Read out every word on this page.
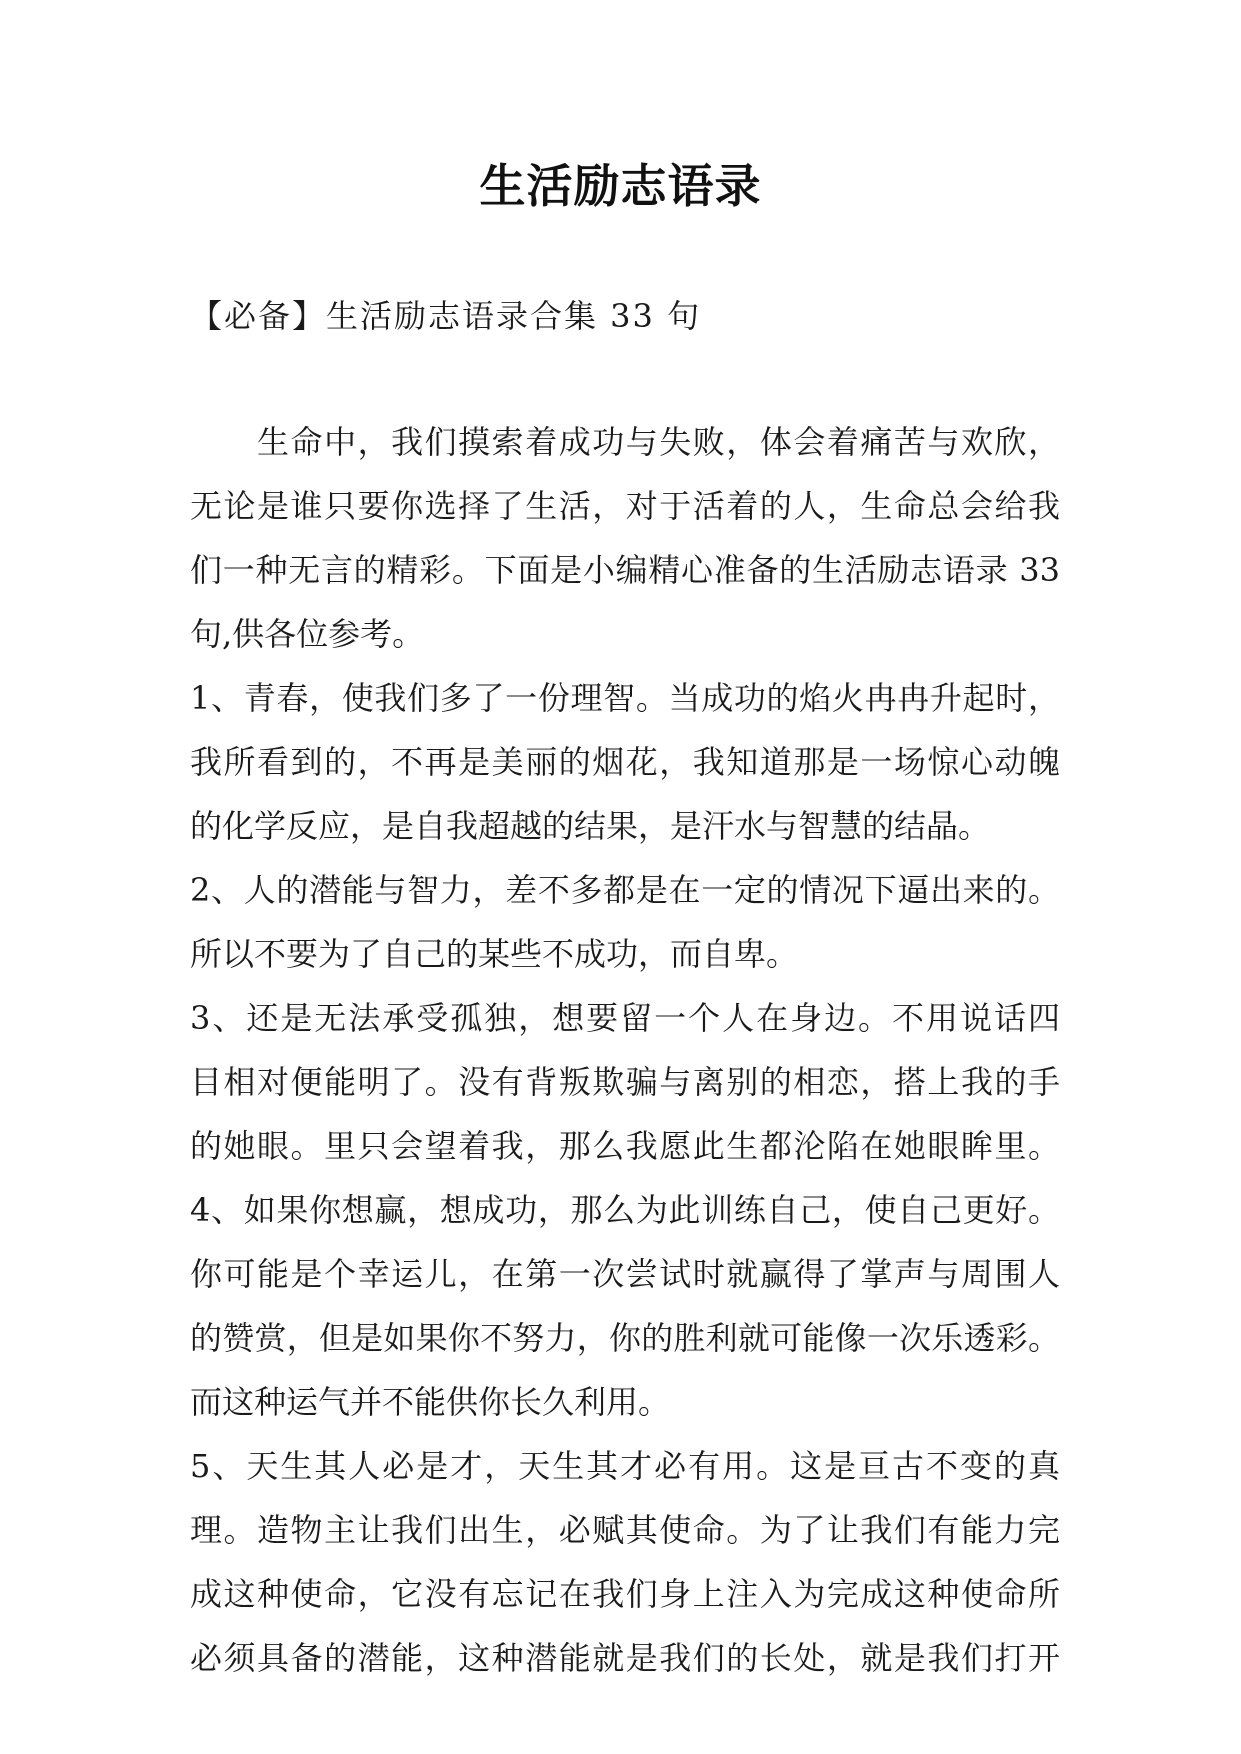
生活励志语录
【必备】生活励志语录合集 33 句
　　生命中，我们摸索着成功与失败，体会着痛苦与欢欣，
无论是谁只要你选择了生活，对于活着的人，生命总会给我
们一种无言的精彩。下面是小编精心准备的生活励志语录 33
句,供各位参考。
1、青春，使我们多了一份理智。当成功的焰火冉冉升起时，
我所看到的，不再是美丽的烟花，我知道那是一场惊心动魄
的化学反应，是自我超越的结果，是汗水与智慧的结晶。
2、人的潜能与智力，差不多都是在一定的情况下逼出来的。
所以不要为了自己的某些不成功，而自卑。
3、还是无法承受孤独，想要留一个人在身边。不用说话四
目相对便能明了。没有背叛欺骗与离别的相恋，搭上我的手
的她眼。里只会望着我，那么我愿此生都沦陷在她眼眸里。
4、如果你想赢，想成功，那么为此训练自己，使自己更好。
你可能是个幸运儿，在第一次尝试时就赢得了掌声与周围人
的赞赏，但是如果你不努力，你的胜利就可能像一次乐透彩。
而这种运气并不能供你长久利用。
5、天生其人必是才，天生其才必有用。这是亘古不变的真
理。造物主让我们出生，必赋其使命。为了让我们有能力完
成这种使命，它没有忘记在我们身上注入为完成这种使命所
必须具备的潜能，这种潜能就是我们的长处，就是我们打开
